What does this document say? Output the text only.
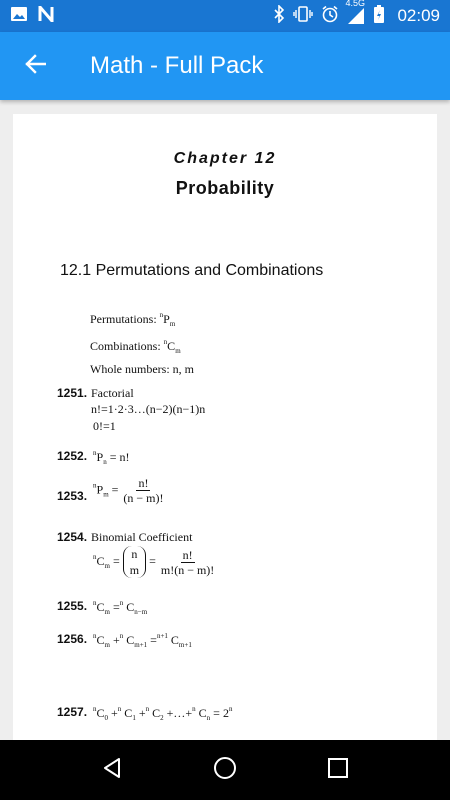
4.5G
02:09
Math - Full Pack
Chapter 12
Probability
12.1 Permutations and Combinations
Permutations: $^nP_m$
Combinations: $^nC_m$
Whole numbers: n, m
1251. Factorial
n!=1·2·3…(n−2)(n−1)n
0!=1
1252. $^nP_n = n$!
1253.
$^nP_m = \frac{n!}{(n - m)!}$
1254. Binomial Coefficient
$^nC_m = n$
m
= $\frac{n!}{m!(n - m)!}$
1255. $^nC_m =^n$ $C_{n-m}$
1256. $^nC_m +^n$ $C_{m+1} =^{n+1}$ $C_{m+1}$
1257. $^nC_0 +^n$ $C_1 +^n$ $C_2$ +…+$^n$ $C_n = 2^n$
